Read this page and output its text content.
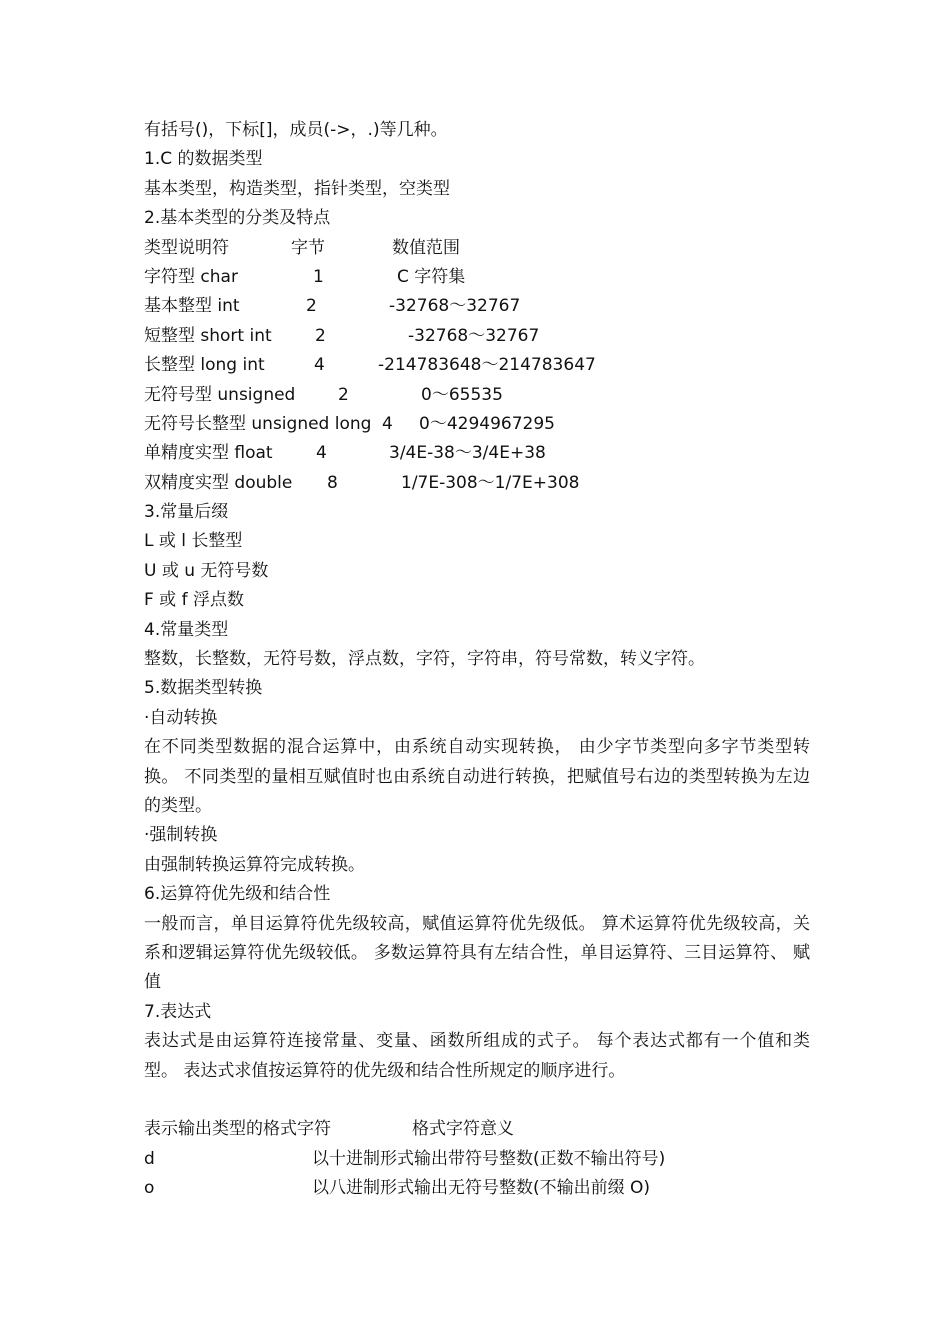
有括号()，下标[]，成员(->，.)等几种。
1.C 的数据类型
基本类型，构造类型，指针类型，空类型
2.基本类型的分类及特点
类型说明符	字节	数值范围
字符型 char	1	C 字符集
基本整型 int	2	-32768～32767
短整型 short int	2	-32768～32767
长整型 long int	4	-214783648～214783647
无符号型 unsigned	2	0～65535
无符号长整型 unsigned long 4 0～4294967295
单精度实型 float	4	3/4E-38～3/4E+38
双精度实型 double 8	1/7E-308～1/7E+308
3.常量后缀
L 或 l 长整型
U 或 u 无符号数
F 或 f 浮点数
4.常量类型
整数，长整数，无符号数，浮点数，字符，字符串，符号常数，转义字符。
5.数据类型转换
·自动转换
在不同类型数据的混合运算中，由系统自动实现转换， 由少字节类型向多字节类型转换。 不同类型的量相互赋值时也由系统自动进行转换，把赋值号右边的类型转换为左边的类型。
·强制转换
由强制转换运算符完成转换。
6.运算符优先级和结合性
一般而言，单目运算符优先级较高，赋值运算符优先级低。 算术运算符优先级较高，关系和逻辑运算符优先级较低。 多数运算符具有左结合性，单目运算符、三目运算符、 赋值
7.表达式
表达式是由运算符连接常量、变量、函数所组成的式子。 每个表达式都有一个值和类型。 表达式求值按运算符的优先级和结合性所规定的顺序进行。
表示输出类型的格式字符	格式字符意义
d	以十进制形式输出带符号整数(正数不输出符号)
o	以八进制形式输出无符号整数(不输出前缀 O)
